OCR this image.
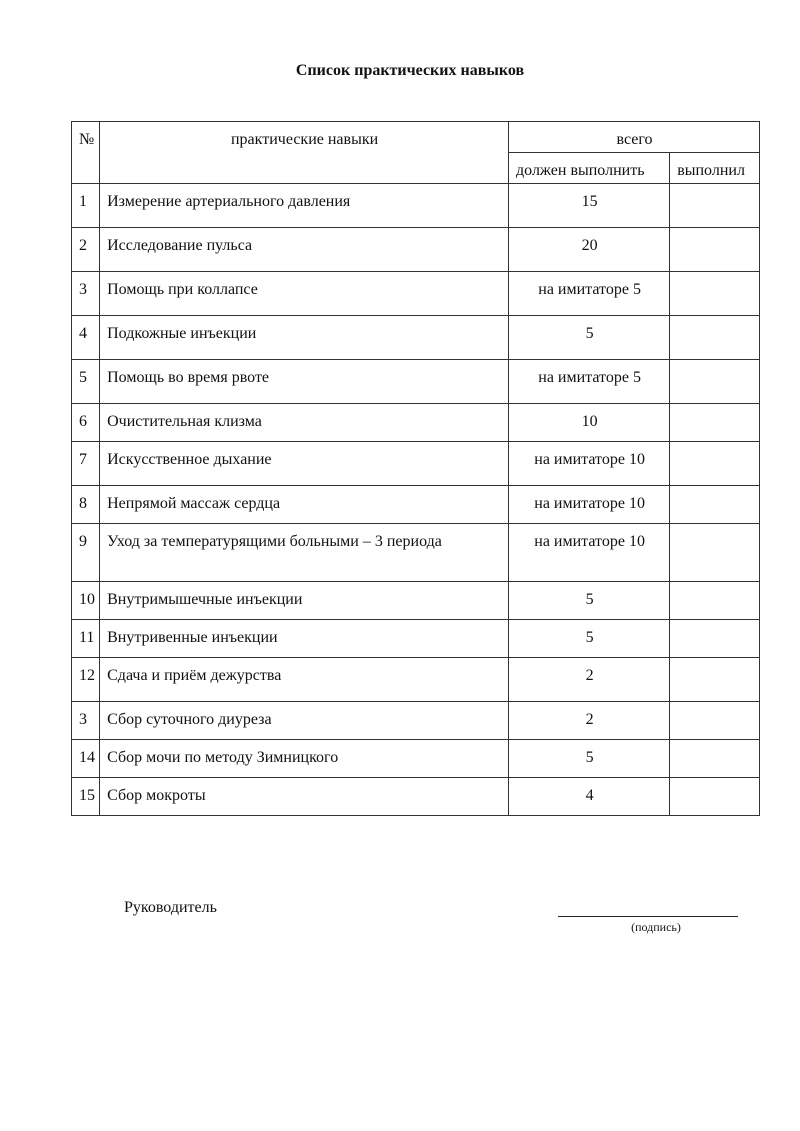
Список практических навыков
№	практические навыки	всего	
		должен выполнить	выполнил
1	Измерение артериального давления	15	
2	Исследование пульса	20	
3	Помощь при коллапсе	на имитаторе 5	
4	Подкожные инъекции	5	
5	Помощь во время рвоте	на имитаторе 5	
6	Очистительная клизма	10	
7	Искусственное дыхание	на имитаторе 10	
8	Непрямой массаж сердца	на имитаторе 10	
9	Уход за температурящими больными – 3 периода	на имитаторе 10	
10	Внутримышечные инъекции	5	
11	Внутривенные инъекции	5	
12	Сдача и приём дежурства	2	
3	Сбор суточного диуреза	2	
14	Сбор мочи по методу Зимницкого	5	
15	Сбор мокроты	4	
Руководитель
(подпись)
